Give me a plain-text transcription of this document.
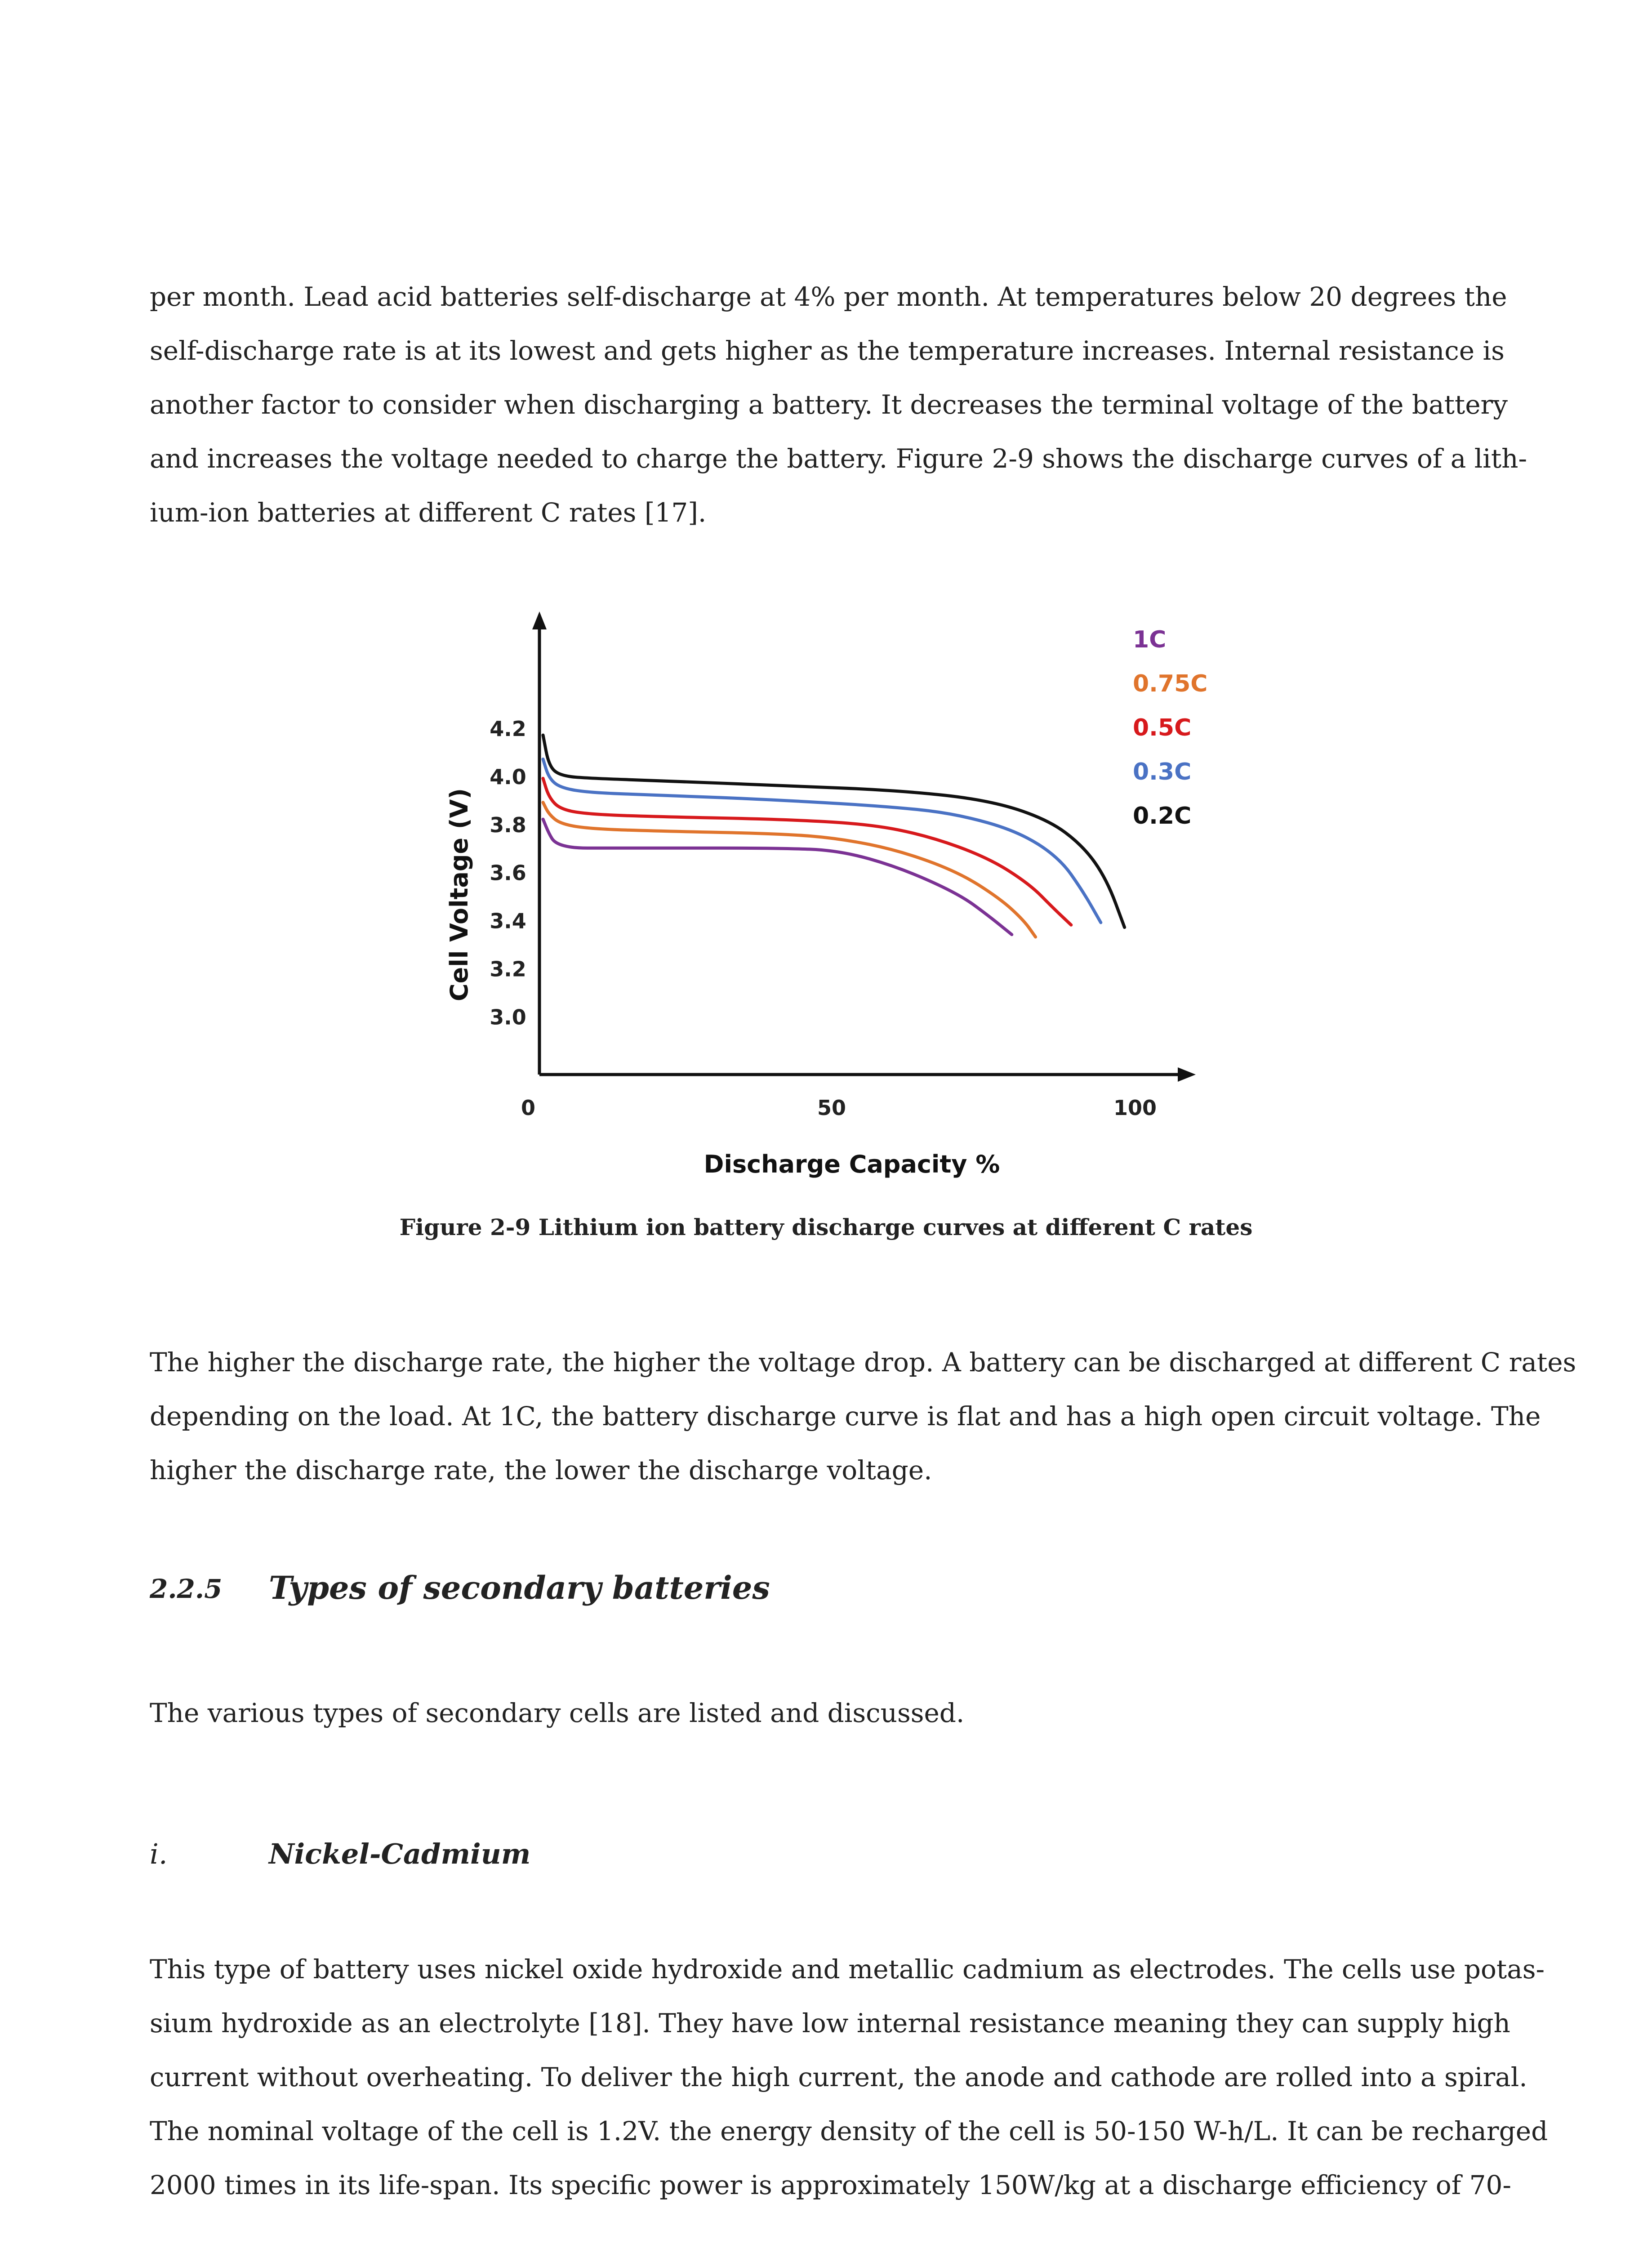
per month. Lead acid batteries self-discharge at 4% per month. At temperatures below 20 degrees the
self-discharge rate is at its lowest and gets higher as the temperature increases. Internal resistance is
another factor to consider when discharging a battery. It decreases the terminal voltage of the battery
and increases the voltage needed to charge the battery. Figure 2-9 shows the discharge curves of a lith-
ium-ion batteries at different C rates [17].
4.2
4.0
3.8
3.6
3.4
3.2
3.0
0	50	100
Discharge Capacity %
Cell Voltage (V)
1C
0.75C
0.5C
0.3C
0.2C
Figure 2-9 Lithium ion battery discharge curves at different C rates
The higher the discharge rate, the higher the voltage drop. A battery can be discharged at different C rates
depending on the load. At 1C, the battery discharge curve is flat and has a high open circuit voltage. The
higher the discharge rate, the lower the discharge voltage.
2.2.5 Types of secondary batteries
The various types of secondary cells are listed and discussed.
i.	Nickel-Cadmium
This type of battery uses nickel oxide hydroxide and metallic cadmium as electrodes. The cells use potas-
sium hydroxide as an electrolyte [18]. They have low internal resistance meaning they can supply high
current without overheating. To deliver the high current, the anode and cathode are rolled into a spiral.
The nominal voltage of the cell is 1.2V. the energy density of the cell is 50-150 W-h/L. It can be recharged
2000 times in its life-span. Its specific power is approximately 150W/kg at a discharge efficiency of 70-
